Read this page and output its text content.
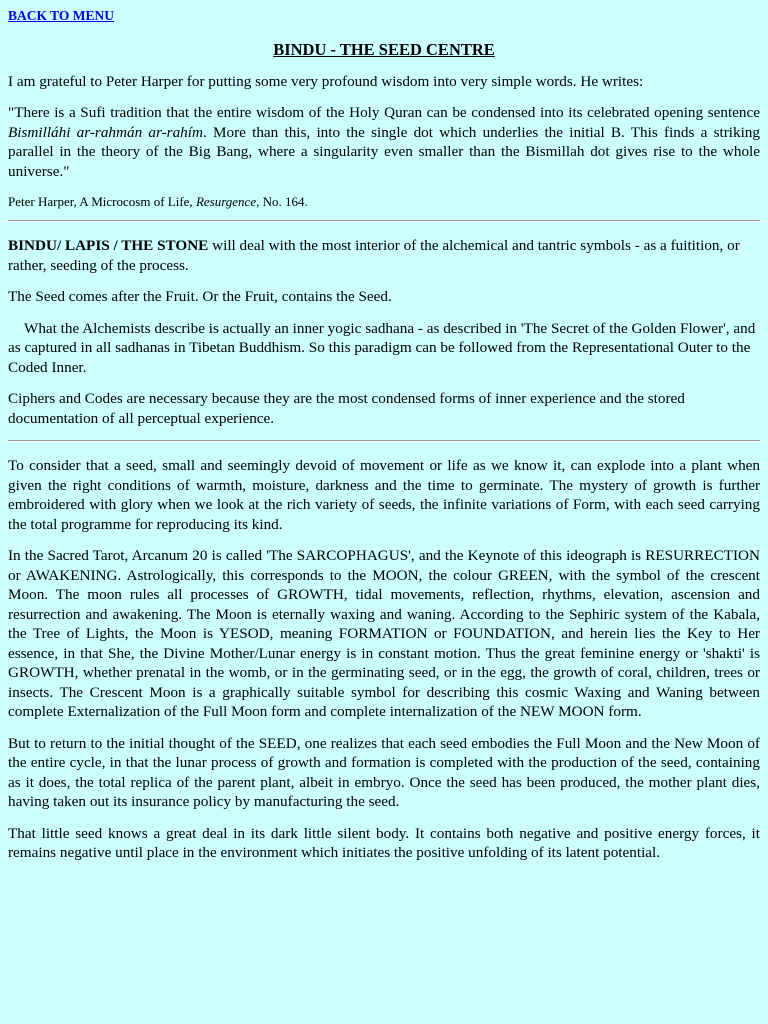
BACK TO MENU
BINDU - THE SEED CENTRE

I am grateful to Peter Harper for putting some very profound wisdom into very simple words. He writes:

"There is a Sufi tradition that the entire wisdom of the Holy Quran can be condensed into its celebrated opening sentence Bismilláhi ar-rahmán ar-rahím. More than this, into the single dot which underlies the initial B. This finds a striking parallel in the theory of the Big Bang, where a singularity even smaller than the Bismillah dot gives rise to the whole universe."

Peter Harper, A Microcosm of Life, Resurgence, No. 164.

BINDU/ LAPIS / THE STONE will deal with the most interior of the alchemical and tantric symbols - as a fuitition, or rather, seeding of the process.

The Seed comes after the Fruit. Or the Fruit, contains the Seed.

What the Alchemists describe is actually an inner yogic sadhana - as described in 'The Secret of the Golden Flower', and as captured in all sadhanas in Tibetan Buddhism. So this paradigm can be followed from the Representational Outer to the Coded Inner.

Ciphers and Codes are necessary because they are the most condensed forms of inner experience and the stored documentation of all perceptual experience.

To consider that a seed, small and seemingly devoid of movement or life as we know it, can explode into a plant when given the right conditions of warmth, moisture, darkness and the time to germinate. The mystery of growth is further embroidered with glory when we look at the rich variety of seeds, the infinite variations of Form, with each seed carrying the total programme for reproducing its kind.

In the Sacred Tarot, Arcanum 20 is called 'The SARCOPHAGUS', and the Keynote of this ideograph is RESURRECTION or AWAKENING. Astrologically, this corresponds to the MOON, the colour GREEN, with the symbol of the crescent Moon. The moon rules all processes of GROWTH, tidal movements, reflection, rhythms, elevation, ascension and resurrection and awakening. The Moon is eternally waxing and waning. According to the Sephiric system of the Kabala, the Tree of Lights, the Moon is YESOD, meaning FORMATION or FOUNDATION, and herein lies the Key to Her essence, in that She, the Divine Mother/Lunar energy is in constant motion. Thus the great feminine energy or 'shakti' is GROWTH, whether prenatal in the womb, or in the germinating seed, or in the egg, the growth of coral, children, trees or insects. The Crescent Moon is a graphically suitable symbol for describing this cosmic Waxing and Waning between complete Externalization of the Full Moon form and complete internalization of the NEW MOON form.

But to return to the initial thought of the SEED, one realizes that each seed embodies the Full Moon and the New Moon of the entire cycle, in that the lunar process of growth and formation is completed with the production of the seed, containing as it does, the total replica of the parent plant, albeit in embryo. Once the seed has been produced, the mother plant dies, having taken out its insurance policy by manufacturing the seed.

That little seed knows a great deal in its dark little silent body. It contains both negative and positive energy forces, it remains negative until place in the environment which initiates the positive unfolding of its latent potential.
